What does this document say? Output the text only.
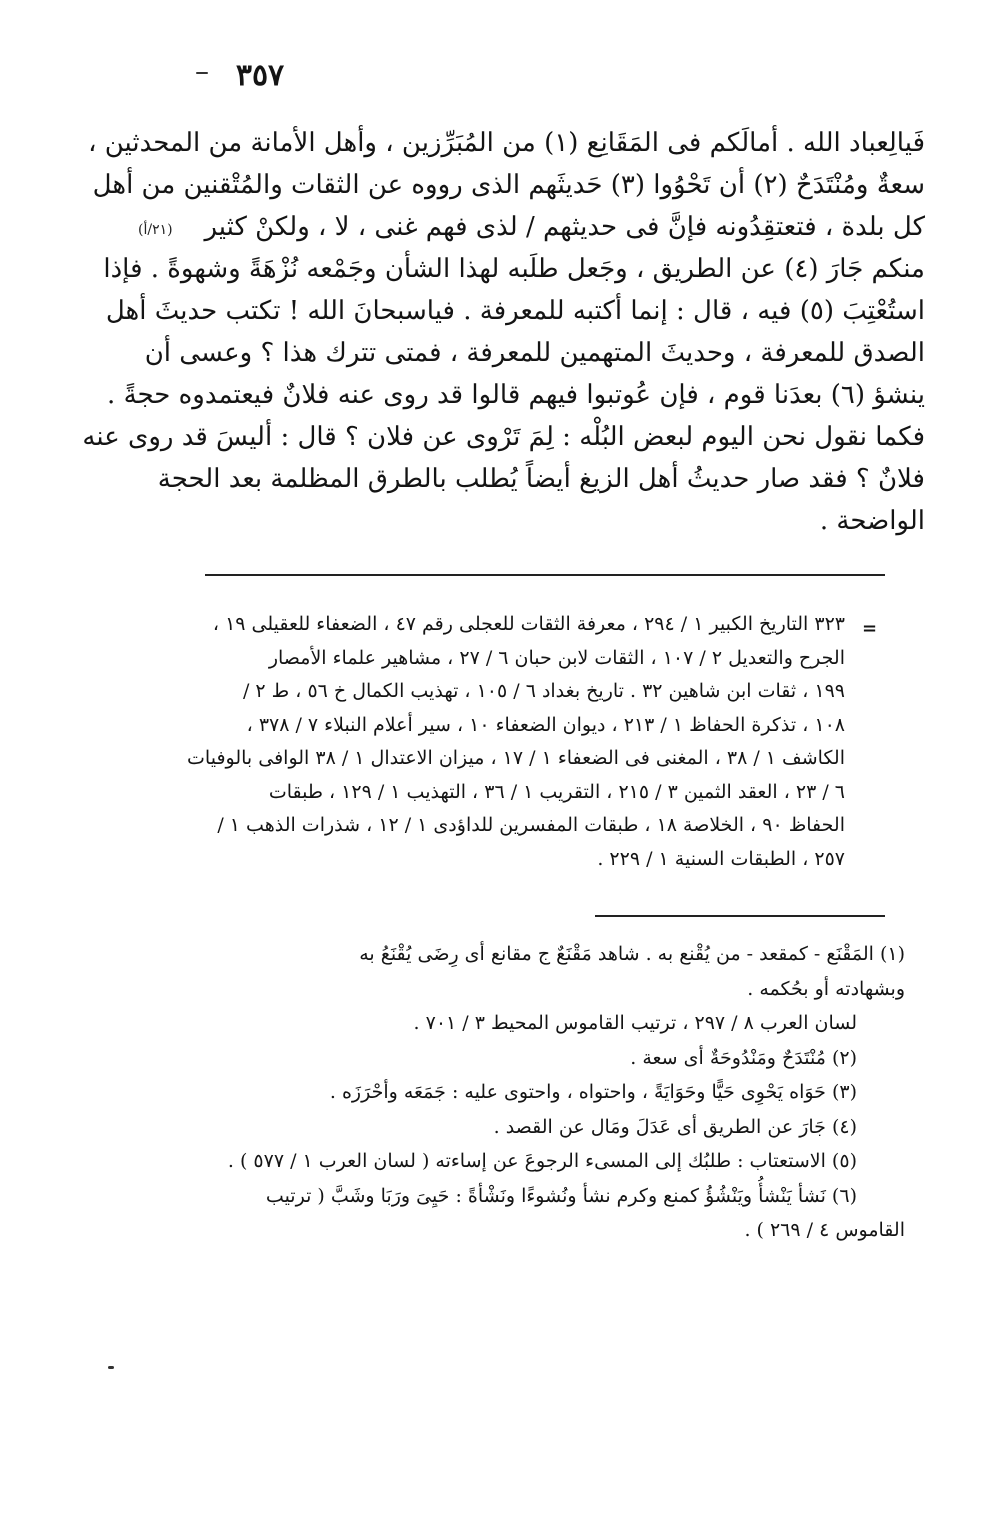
٣٥٧
(٢١/أ)
فَيالِعباد الله . أمالَكم فى المَقَانِع (١) من المُبَرِّزين ، وأهل الأمانة من المحدثين ،
سعةٌ ومُنْتَدَحٌ (٢) أن تَحْوُوا (٣) حَديثَهم الذى رووه عن الثقات والمُتْقنين من أهل
كل بلدة ، فتعتقِدُونه فإنَّ فى حديثهم / لذى فهم غنى ، لا ، ولكنْ كثير
منكم جَارَ (٤) عن الطريق ، وجَعل طلَبه لهذا الشأن وجَمْعه نُزْهَةً وشهوةً . فإذا
استُعْتِبَ (٥) فيه ، قال : إنما أكتبه للمعرفة . فياسبحانَ الله ! تكتب حديثَ أهل
الصدق للمعرفة ، وحديثَ المتهمين للمعرفة ، فمتى تترك هذا ؟ وعسى أن
ينشؤ (٦) بعدَنا قوم ، فإن عُوتبوا فيهم قالوا قد روى عنه فلانٌ فيعتمدوه حجةً .
فكما نقول نحن اليوم لبعض البُلْه : لِمَ تَرْوى عن فلان ؟ قال : أليسَ قد روى عنه
فلانٌ ؟ فقد صار حديثُ أهل الزيغ أيضاً يُطلب بالطرق المظلمة بعد الحجة
الواضحة .
=
٣٢٣ التاريخ الكبير ١ / ٢٩٤ ، معرفة الثقات للعجلى رقم ٤٧ ، الضعفاء للعقيلى ١٩ ،
الجرح والتعديل ٢ / ١٠٧ ، الثقات لابن حبان ٦ / ٢٧ ، مشاهير علماء الأمصار
١٩٩ ، ثقات ابن شاهين ٣٢ . تاريخ بغداد ٦ / ١٠٥ ، تهذيب الكمال خ ٥٦ ، ط ٢ /
١٠٨ ، تذكرة الحفاظ ١ / ٢١٣ ، ديوان الضعفاء ١٠ ، سير أعلام النبلاء ٧ / ٣٧٨ ،
الكاشف ١ / ٣٨ ، المغنى فى الضعفاء ١ / ١٧ ، ميزان الاعتدال ١ / ٣٨ الوافى بالوفيات
٦ / ٢٣ ، العقد الثمين ٣ / ٢١٥ ، التقريب ١ / ٣٦ ، التهذيب ١ / ١٢٩ ، طبقات
الحفاظ ٩٠ ، الخلاصة ١٨ ، طبقات المفسرين للداؤدى ١ / ١٢ ، شذرات الذهب ١ /
٢٥٧ ، الطبقات السنية ١ / ٢٢٩ .
(١) المَقْنَع - كمقعد - من يُقْنع به . شاهد مَقْنَعٌ ج مقانع أى رِضَى يُقْنَعُ به
وبشهادته أو بحُكمه .
لسان العرب ٨ / ٢٩٧ ، ترتيب القاموس المحيط ٣ / ٧٠١ .
(٢) مُنْتَدَحٌ ومَنْدُوحَةٌ أى سعة .
(٣) حَوَاه يَحْوِى حَيًّا وحَوَايَةً ، واحتواه ، واحتوى عليه : جَمَعَه وأحْرَزَه .
(٤) جَارَ عن الطريق أى عَدَلَ ومَال عن القصد .
(٥) الاستعتاب : طلبُك إلى المسىء الرجوعَ عن إساءته ( لسان العرب ١ / ٥٧٧ ) .
(٦) نَشأ يَنْشأُ ويَنْشُؤُ كمنع وكرم نشأ ونُشوءًا ونَشْأةً : حَيِىَ ورَبَا وشَبَّ ( ترتيب
القاموس ٤ / ٢٦٩ ) .
